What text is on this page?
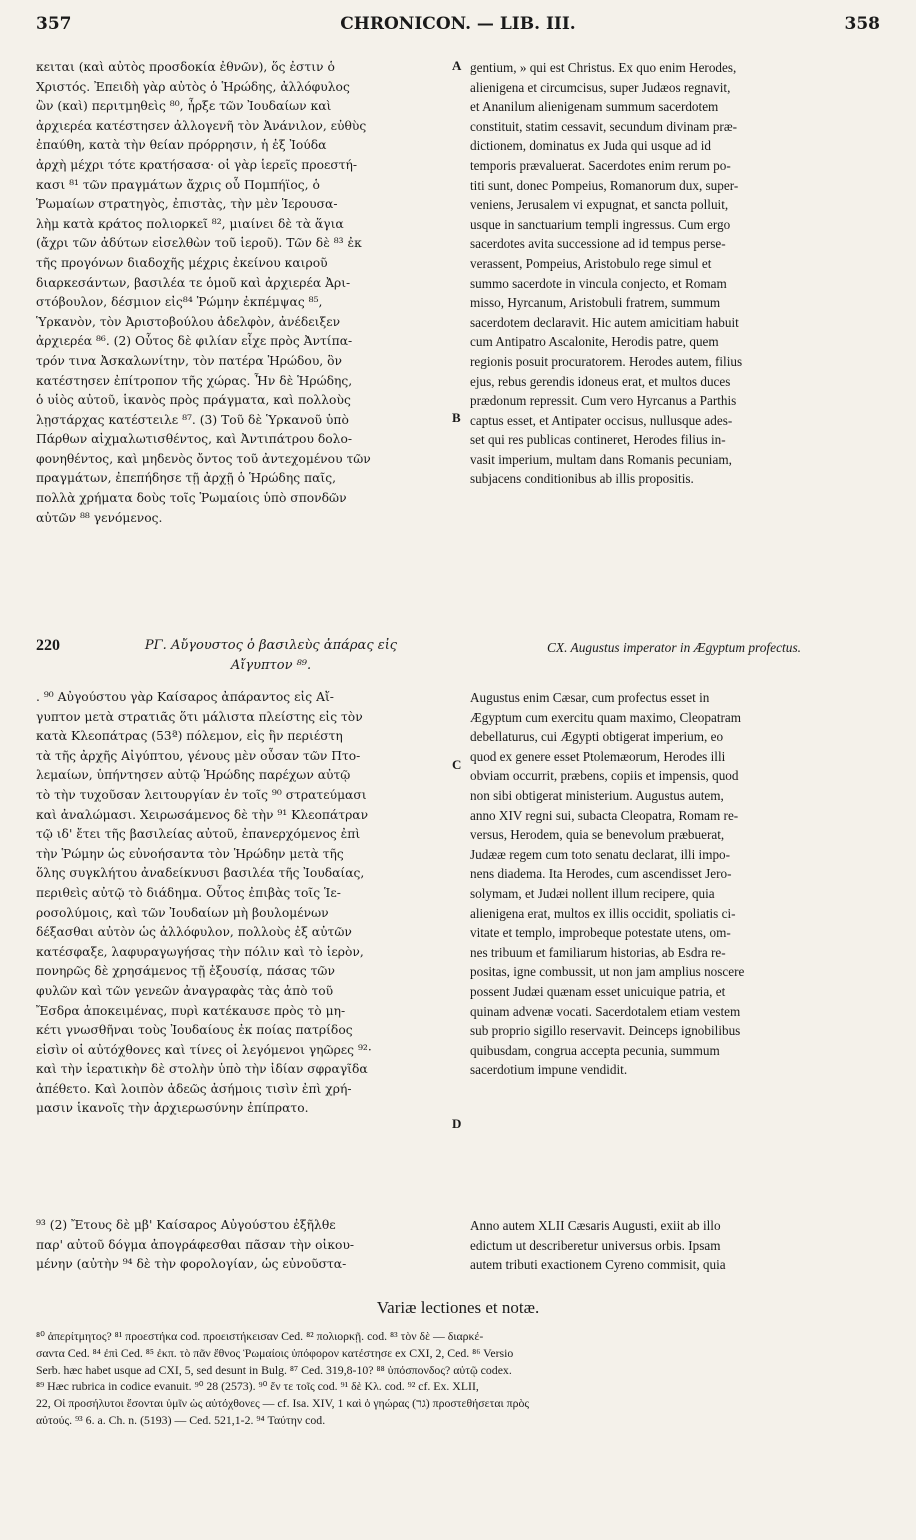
357	CHRONICON. — LIB. III.	358
κειται (καὶ αὐτὸς προσδοκία ἐθνῶν), ὅς ἐστιν ὁ
Χριστός. Ἐπειδὴ γὰρ αὐτὸς ὁ Ἡρώδης, ἀλλόφυλος
ὢν (καὶ) περιτμηθεὶς ⁸⁰, ἦρξε τῶν Ἰουδαίων καὶ
ἀρχιερέα κατέστησεν ἀλλογενῆ τὸν Ἀνάνιλον, εὐθὺς
ἐπαύθη, κατὰ τὴν θείαν πρόρρησιν, ἡ ἐξ Ἰούδα
ἀρχὴ μέχρι τότε κρατήσασα· οἱ γὰρ ἱερεῖς προεστή-
κασι ⁸¹ τῶν πραγμάτων ἄχρις οὗ Πομπήϊος, ὁ
Ῥωμαίων στρατηγὸς, ἐπιστὰς, τὴν μὲν Ἱερουσα-
λὴμ κατὰ κράτος πολιορκεῖ ⁸², μιαίνει δὲ τὰ ἅγια
(ἄχρι τῶν ἀδύτων εἰσελθὼν τοῦ ἱεροῦ). Τῶν δὲ ⁸³ ἐκ
τῆς προγόνων διαδοχῆς μέχρις ἐκείνου καιροῦ
διαρκεσάντων, βασιλέα τε ὁμοῦ καὶ ἀρχιερέα Ἀρι-
στόβουλον, δέσμιον εἰς⁸⁴ Ῥώμην ἐκπέμψας ⁸⁵,
Ὑρκανὸν, τὸν Ἀριστοβούλου ἀδελφὸν, ἀνέδειξεν
ἀρχιερέα ⁸⁶. (2) Οὗτος δὲ φιλίαν εἶχε πρὸς Ἀντίπα-
τρόν τινα Ἀσκαλωνίτην, τὸν πατέρα Ἡρώδου, ὃν
κατέστησεν ἐπίτροπον τῆς χώρας. Ἦν δὲ Ἡρώδης,
ὁ υἱὸς αὐτοῦ, ἱκανὸς πρὸς πράγματα, καὶ πολλοὺς
λῃστάρχας κατέστειλε ⁸⁷. (3) Τοῦ δὲ Ὑρκανοῦ ὑπὸ
Πάρθων αἰχμαλωτισθέντος, καὶ Ἀντιπάτρου δολο-
φονηθέντος, καὶ μηδενὸς ὄντος τοῦ ἀντεχομένου τῶν
πραγμάτων, ἐπεπήδησε τῇ ἀρχῇ ὁ Ἡρώδης παῖς,
πολλὰ χρήματα δοὺς τοῖς Ῥωμαίοις ὑπὸ σπονδῶν
αὐτῶν ⁸⁸ γενόμενος.
gentium, » qui est Christus. Ex quo enim Herodes,
alienigena et circumcisus, super Judæos regnavit,
et Ananilum alienigenam summum sacerdotem
constituit, statim cessavit, secundum divinam præ-
dictionem, dominatus ex Juda qui usque ad id
temporis prævaluerat. Sacerdotes enim rerum po-
titi sunt, donec Pompeius, Romanorum dux, super-
veniens, Jerusalem vi expugnat, et sancta polluit,
usque in sanctuarium templi ingressus. Cum ergo
sacerdotes avita successione ad id tempus perse-
verassent, Pompeius, Aristobulo rege simul et
summo sacerdote in vincula conjecto, et Romam
misso, Hyrcanum, Aristobuli fratrem, summum
sacerdotem declaravit. Hic autem amicitiam habuit
cum Antipatro Ascalonite, Herodis patre, quem
regionis posuit procuratorem. Herodes autem, filius
ejus, rebus gerendis idoneus erat, et multos duces
prædonum repressit. Cum vero Hyrcanus a Parthis
captus esset, et Antipater occisus, nullusque ades-
set qui res publicas contineret, Herodes filius in-
vasit imperium, multam dans Romanis pecuniam,
subjacens conditionibus ab illis propositis.
A
B
C
D
220	ΡΓ. Αὔγουστος ὁ βασιλεὺς ἀπάρας εἰς
Αἴγυπτον ⁸⁹.
CX. Augustus imperator in Ægyptum profectus.
. ⁹⁰ Αὐγούστου γὰρ Καίσαρος ἀπάραντος εἰς Αἴ-
γυπτον μετὰ στρατιᾶς ὅτι μάλιστα πλείστης εἰς τὸν
κατὰ Κλεοπάτρας (53ª) πόλεμον, εἰς ἣν περιέστη
τὰ τῆς ἀρχῆς Αἰγύπτου, γένους μὲν οὖσαν τῶν Πτο-
λεμαίων, ὑπήντησεν αὐτῷ Ἡρώδης παρέχων αὐτῷ
τὸ τὴν τυχοῦσαν λειτουργίαν ἐν τοῖς ⁹⁰ στρατεύμασι
καὶ ἀναλώμασι. Χειρωσάμενος δὲ τὴν ⁹¹ Κλεοπάτραν
τῷ ιδ' ἔτει τῆς βασιλείας αὐτοῦ, ἐπανερχόμενος ἐπὶ
τὴν Ῥώμην ὡς εὐνοήσαντα τὸν Ἡρώδην μετὰ τῆς
ὅλης συγκλήτου ἀναδείκνυσι βασιλέα τῆς Ἰουδαίας,
περιθεὶς αὐτῷ τὸ διάδημα. Οὗτος ἐπιβὰς τοῖς Ἱε-
ροσολύμοις, καὶ τῶν Ἰουδαίων μὴ βουλομένων
δέξασθαι αὐτὸν ὡς ἀλλόφυλον, πολλοὺς ἐξ αὐτῶν
κατέσφαξε, λαφυραγωγήσας τὴν πόλιν καὶ τὸ ἱερὸν,
πονηρῶς δὲ χρησάμενος τῇ ἐξουσίᾳ, πάσας τῶν
φυλῶν καὶ τῶν γενεῶν ἀναγραφὰς τὰς ἀπὸ τοῦ
Ἔσδρα ἀποκειμένας, πυρὶ κατέκαυσε πρὸς τὸ μη-
κέτι γνωσθῆναι τοὺς Ἰουδαίους ἐκ ποίας πατρίδος
εἰσὶν οἱ αὐτόχθονες καὶ τίνες οἱ λεγόμενοι γηῶρες ⁹²·
καὶ τὴν ἱερατικὴν δὲ στολὴν ὑπὸ τὴν ἰδίαν σφραγῖδα
ἀπέθετο. Καὶ λοιπὸν ἀδεῶς ἀσήμοις τισὶν ἐπὶ χρή-
μασιν ἱκανοῖς τὴν ἀρχιερωσύνην ἐπίπρατο.
Augustus enim Cæsar, cum profectus esset in
Ægyptum cum exercitu quam maximo, Cleopatram
debellaturus, cui Ægypti obtigerat imperium, eo
quod ex genere esset Ptolemæorum, Herodes illi
obviam occurrit, præbens, copiis et impensis, quod
non sibi obtigerat ministerium. Augustus autem,
anno XIV regni sui, subacta Cleopatra, Romam re-
versus, Herodem, quia se benevolum præbuerat,
Judææ regem cum toto senatu declarat, illi impo-
nens diadema. Ita Herodes, cum ascendisset Jero-
solymam, et Judæi nollent illum recipere, quia
alienigena erat, multos ex illis occidit, spoliatis ci-
vitate et templo, improbeque potestate utens, om-
nes tribuum et familiarum historias, ab Esdra re-
positas, igne combussit, ut non jam amplius noscere
possent Judæi quænam esset unicuique patria, et
quinam advenæ vocati. Sacerdotalem etiam vestem
sub proprio sigillo reservavit. Deinceps ignobilibus
quibusdam, congrua accepta pecunia, summum
sacerdotium impune vendidit.
⁹³ (2) Ἔτους δὲ μβ' Καίσαρος Αὐγούστου ἐξῆλθε
παρ' αὐτοῦ δόγμα ἀπογράφεσθαι πᾶσαν τὴν οἰκου-
μένην (αὐτὴν ⁹⁴ δὲ τὴν φορολογίαν, ὡς εὐνοῦστα-
Anno autem XLII Cæsaris Augusti, exiit ab illo
edictum ut describeretur universus orbis. Ipsam
autem tributi exactionem Cyreno commisit, quia
Variæ lectiones et notæ.
⁸⁰ ἀπερίτμητος? ⁸¹ προεστήκα cod. προειστήκεισαν Ced. ⁸² πολιορκῇ. cod. ⁸³ τὸν δὲ — διαρκέ-
σαντα Ced. ⁸⁴ ἐπὶ Ced. ⁸⁵ ἐκπ. τὸ πᾶν ἔθνος Ῥωμαίοις ὑπόφορον κατέστησε ex CXI, 2, Ced. ⁸⁶ Versio
Serb. hæc habet usque ad CXI, 5, sed desunt in Bulg. ⁸⁷ Ced. 319,8-10? ⁸⁸ ὑπόσπονδος? αὐτῷ codex.
⁸⁹ Hæc rubrica in codice evanuit. ⁹⁰ 28 (2573). ⁹⁰ ἔν τε τοῖς cod. ⁹¹ δὲ Κλ. cod. ⁹² cf. Ex. XLII,
22, Οἱ προσήλυτοι ἔσονται ὑμῖν ὡς αὐτόχθονες — cf. Isa. XIV, 1 καὶ ὁ γηώρας (גר) προστεθήσεται πρὸς
αὐτούς. ⁹³ 6. a. Ch. n. (5193) — Ced. 521,1-2. ⁹⁴ Ταύτην cod.
